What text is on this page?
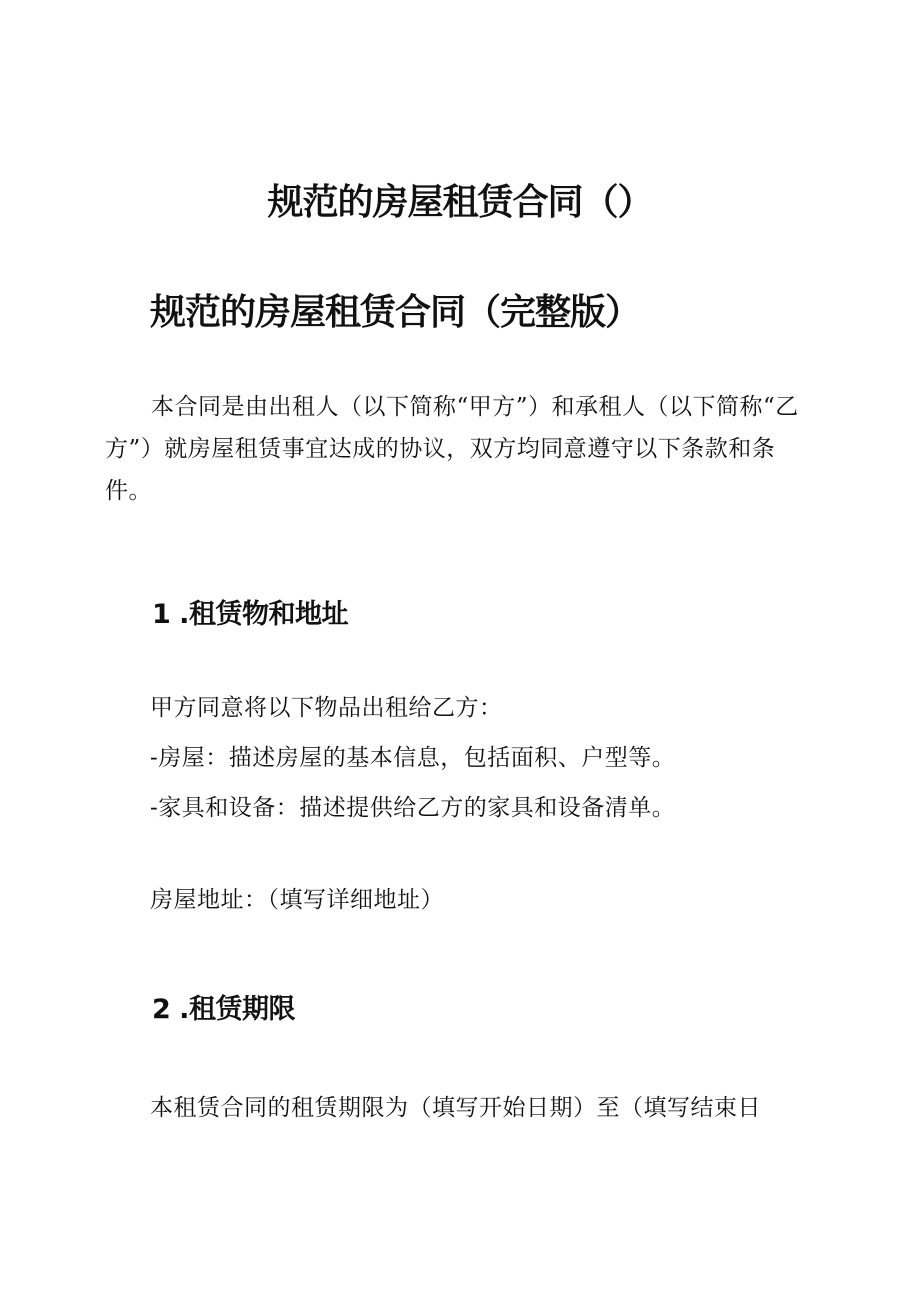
规范的房屋租赁合同（）
规范的房屋租赁合同（完整版）

本合同是由出租人（以下简称“甲方”）和承租人（以下简称“乙方”）就房屋租赁事宜达成的协议，双方均同意遵守以下条款和条件。

1 .租赁物和地址
甲方同意将以下物品出租给乙方：
-房屋：描述房屋的基本信息，包括面积、户型等。
-家具和设备：描述提供给乙方的家具和设备清单。
房屋地址：（填写详细地址）
2 .租赁期限
本租赁合同的租赁期限为（填写开始日期）至（填写结束日
